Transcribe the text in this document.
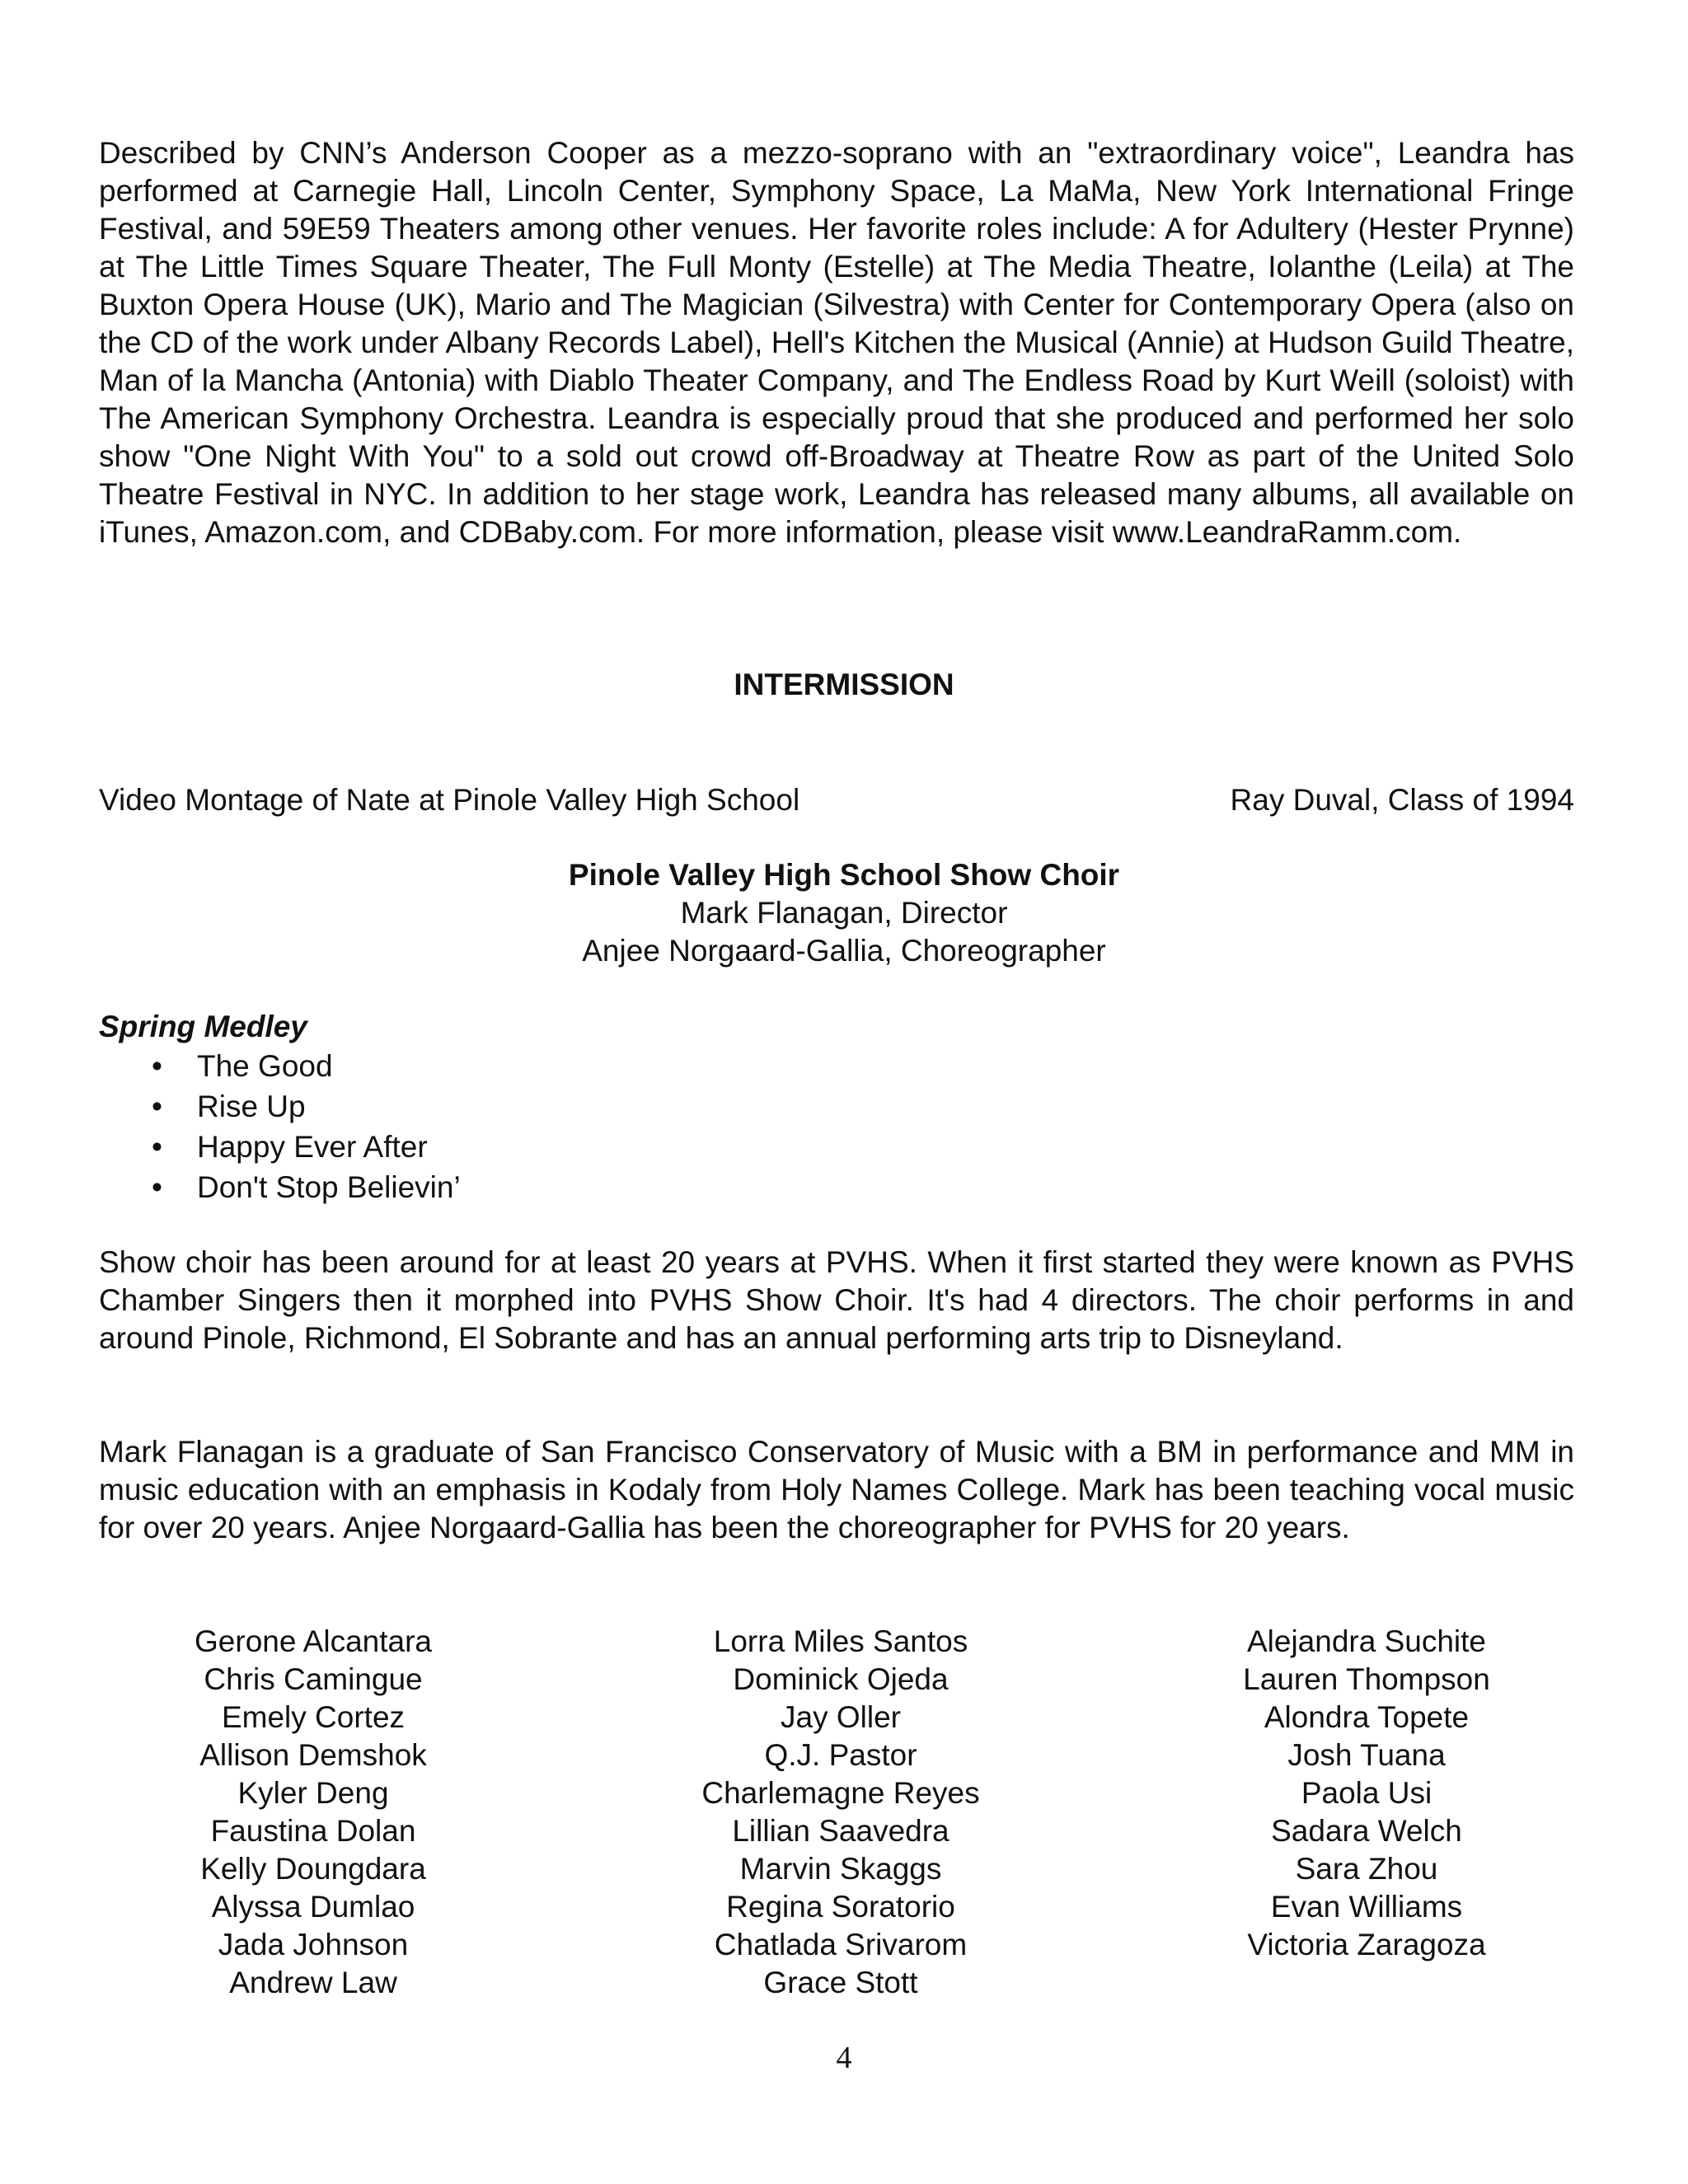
Described by CNN’s Anderson Cooper as a mezzo-soprano with an "extraordinary voice", Leandra has performed at Carnegie Hall, Lincoln Center, Symphony Space, La MaMa, New York International Fringe Festival, and 59E59 Theaters among other venues. Her favorite roles include: A for Adultery (Hester Prynne) at The Little Times Square Theater, The Full Monty (Estelle) at The Media Theatre, Iolanthe (Leila) at The Buxton Opera House (UK), Mario and The Magician (Silvestra) with Center for Contemporary Opera (also on the CD of the work under Albany Records Label), Hell's Kitchen the Musical (Annie) at Hudson Guild Theatre, Man of la Mancha (Antonia) with Diablo Theater Company, and The Endless Road by Kurt Weill (soloist) with The American Symphony Orchestra. Leandra is especially proud that she produced and performed her solo show "One Night With You" to a sold out crowd off-Broadway at Theatre Row as part of the United Solo Theatre Festival in NYC. In addition to her stage work, Leandra has released many albums, all available on iTunes, Amazon.com, and CDBaby.com. For more information, please visit www.LeandraRamm.com.

INTERMISSION

Video Montage of Nate at Pinole Valley High School	Ray Duval, Class of 1994
Pinole Valley High School Show Choir
Mark Flanagan, Director
Anjee Norgaard-Gallia, Choreographer

Spring Medley

• The Good
• Rise Up
• Happy Ever After
• Don't Stop Believin’

Show choir has been around for at least 20 years at PVHS. When it first started they were known as PVHS Chamber Singers then it morphed into PVHS Show Choir. It's had 4 directors. The choir performs in and around Pinole, Richmond, El Sobrante and has an annual performing arts trip to Disneyland.

Mark Flanagan is a graduate of San Francisco Conservatory of Music with a BM in performance and MM in music education with an emphasis in Kodaly from Holy Names College. Mark has been teaching vocal music for over 20 years. Anjee Norgaard-Gallia has been the choreographer for PVHS for 20 years.

Gerone Alcantara
Chris Camingue
Emely Cortez
Allison Demshok
Kyler Deng
Faustina Dolan
Kelly Doungdara
Alyssa Dumlao
Jada Johnson
Andrew Law
Lorra Miles Santos
Dominick Ojeda
Jay Oller
Q.J. Pastor
Charlemagne Reyes
Lillian Saavedra
Marvin Skaggs
Regina Soratorio
Chatlada Srivarom
Grace Stott
Alejandra Suchite
Lauren Thompson
Alondra Topete
Josh Tuana
Paola Usi
Sadara Welch
Sara Zhou
Evan Williams
Victoria Zaragoza
4
